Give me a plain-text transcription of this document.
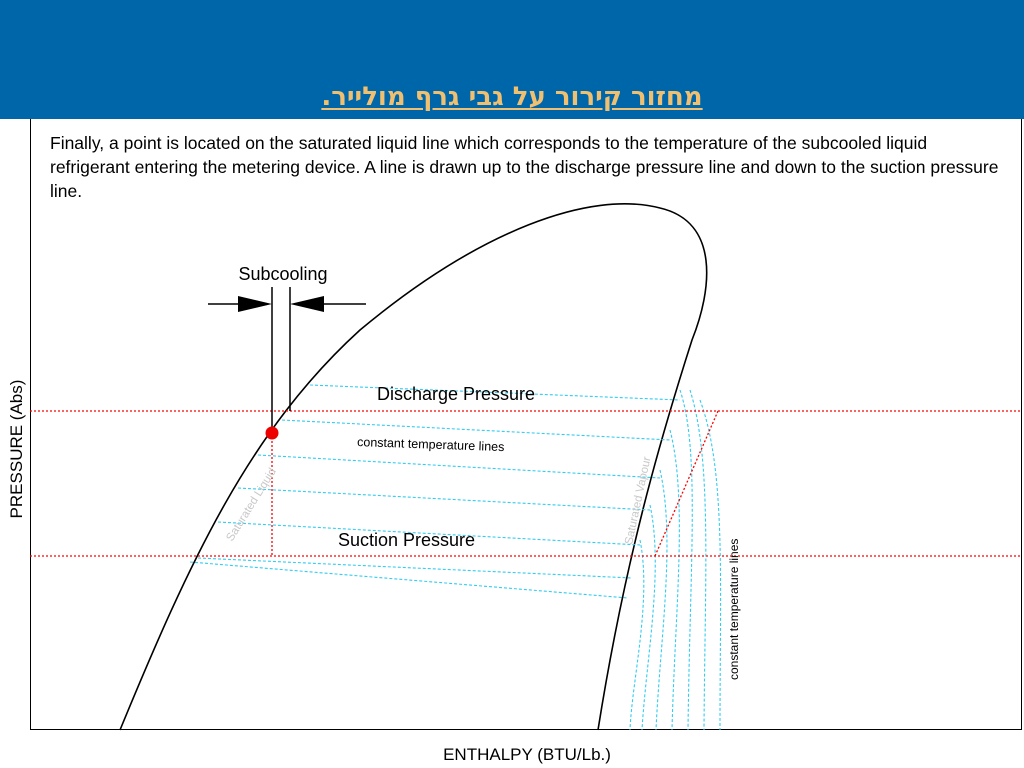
מחזור קירור על גבי גרף מולייר.
Finally, a point is located on the saturated liquid line which corresponds to the temperature of the subcooled liquid refrigerant entering the metering device. A line is drawn up to the discharge pressure line and down to the suction pressure line.
Subcooling
Discharge Pressure
Suction Pressure
constant temperature lines
constant temperature lines
Saturated Liquid	Saturated Vapour
PRESSURE (Abs)
ENTHALPY (BTU/Lb.)
